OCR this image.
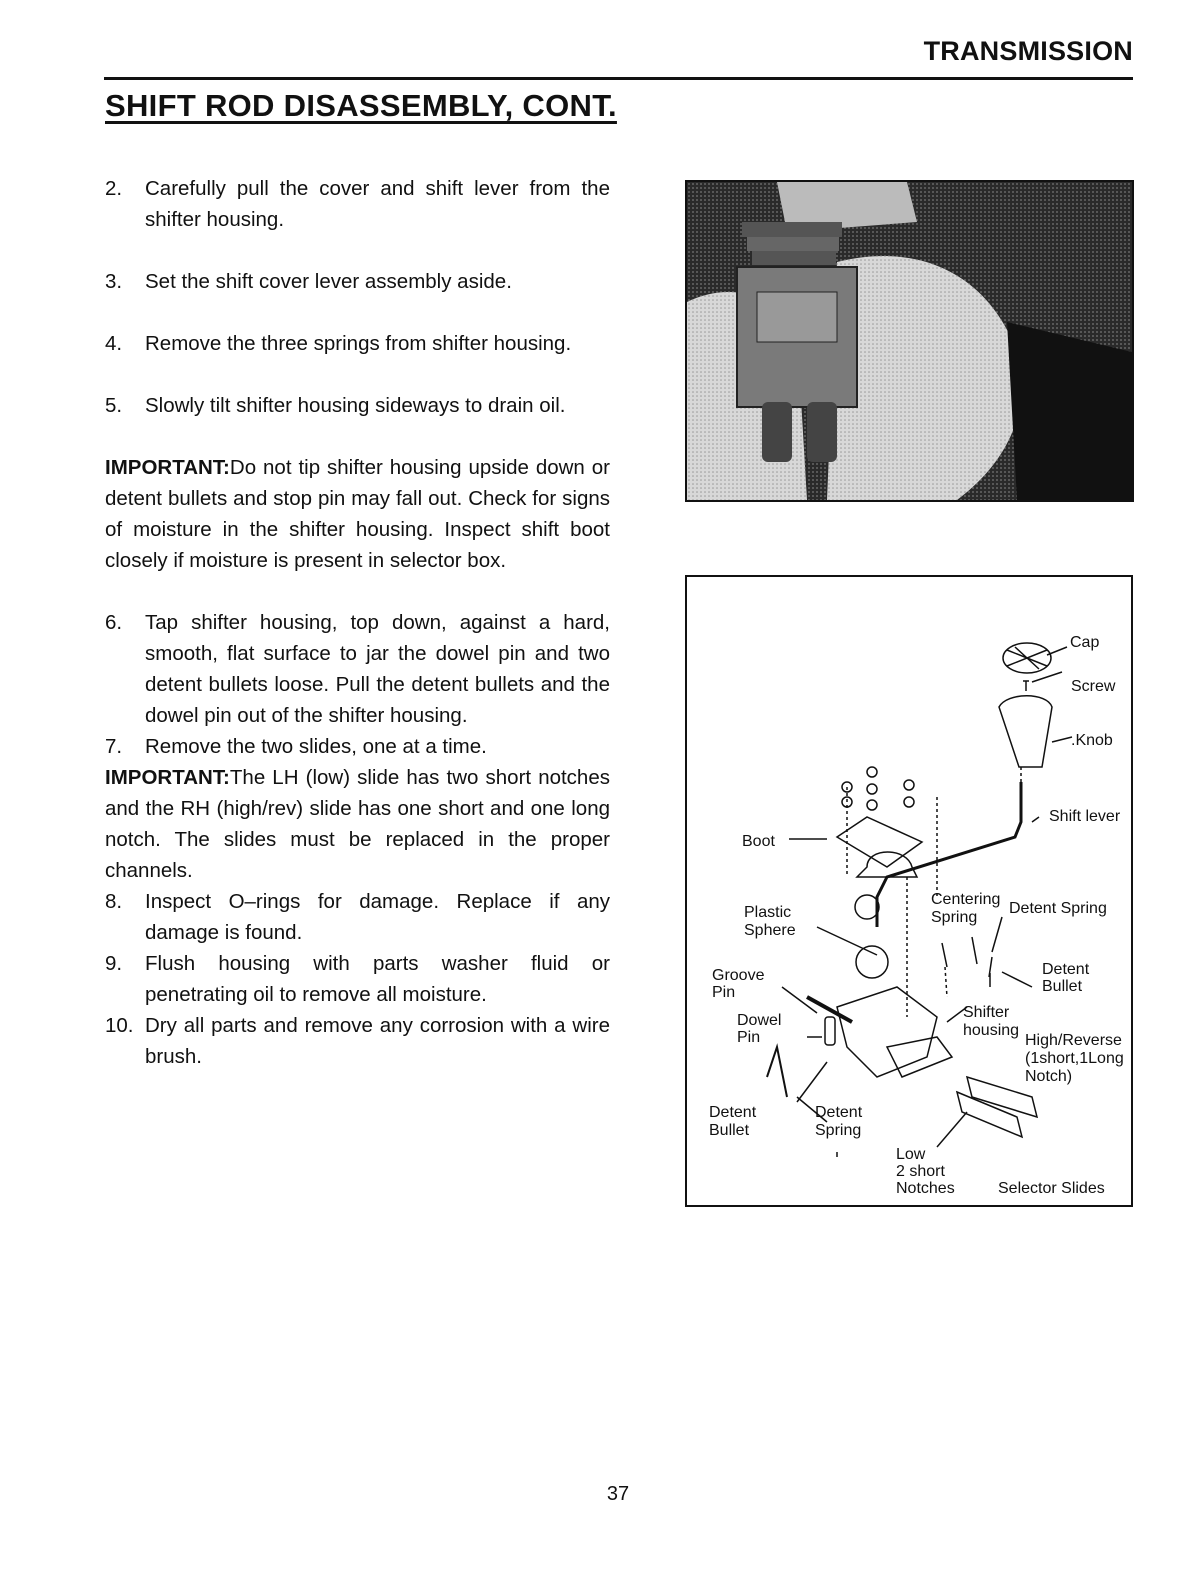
TRANSMISSION
SHIFT ROD DISASSEMBLY, CONT.
2.	Carefully pull the cover and shift lever from the shifter housing.
3.	Set the shift cover lever assembly aside.
4.	Remove the three springs from shifter housing.
5.	Slowly tilt shifter housing sideways to drain oil.

IMPORTANT:Do not tip shifter housing upside down or detent bullets and stop pin may fall out. Check for signs of moisture in the shifter housing. Inspect shift boot closely if moisture is present in selector box.

6.	Tap shifter housing, top down, against a hard, smooth, flat surface to jar the dowel pin and two detent bullets loose. Pull the detent bullets and the dowel pin out of the shifter housing.
7.	Remove the two slides, one at a time.

IMPORTANT:The LH (low) slide has two short notches and the RH (high/rev) slide has one short and one long notch. The slides must be replaced in the proper channels.

8.	Inspect O–rings for damage. Replace if any damage is found.
9.	Flush housing with parts washer fluid or penetrating oil to remove all moisture.
10. Dry all parts and remove any corrosion with a wire brush.
Cap
Screw
.Knob
Shift lever
Boot
Plastic
Sphere
Centering
Spring
Detent Spring
Detent
Bullet
Groove
Pin
Shifter
housing
Dowel
Pin	High/Reverse
(1short,1Long
Notch)
Detent
Bullet
Detent
Spring
Low
2 short
Notches	Selector Slides
37
